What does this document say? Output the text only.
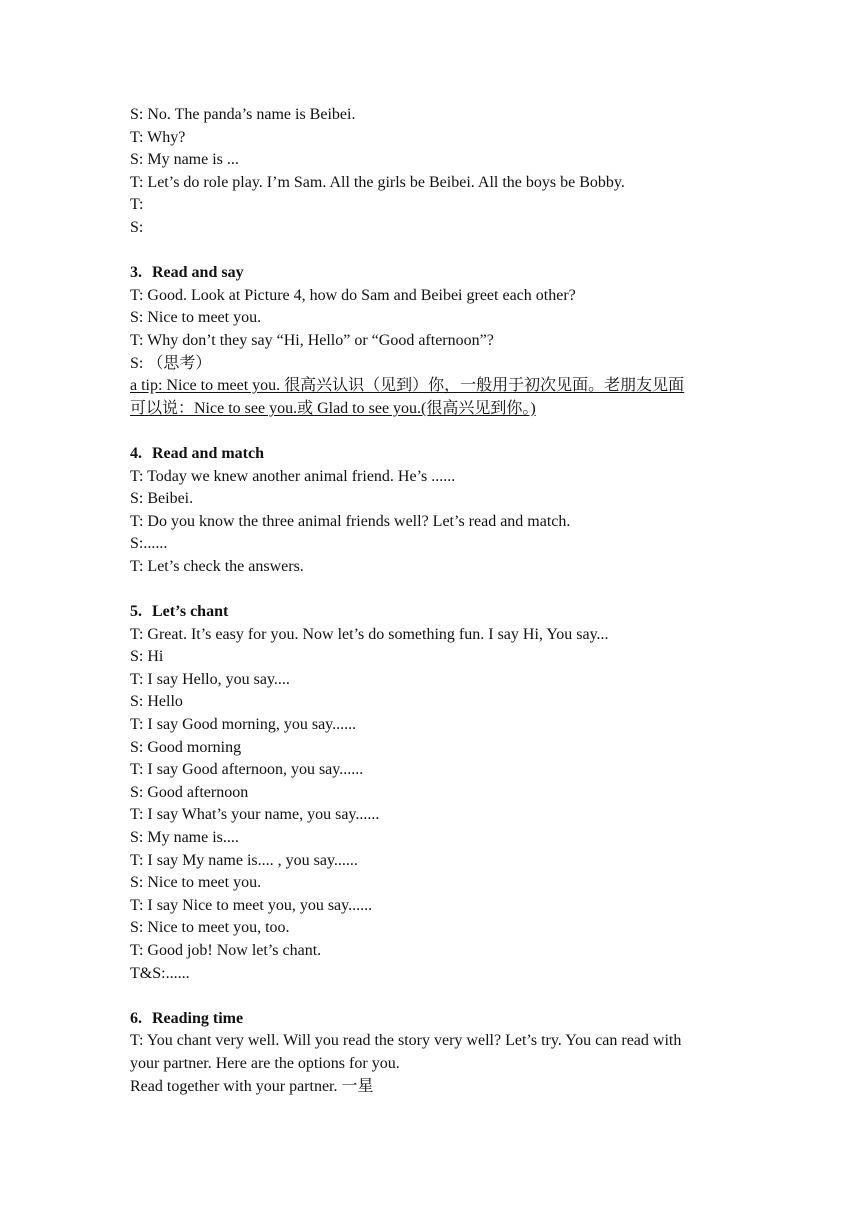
S: No. The panda’s name is Beibei.
T: Why?
S: My name is ...
T: Let’s do role play. I’m Sam. All the girls be Beibei. All the boys be Bobby.
T:
S:
3. Read and say
T: Good. Look at Picture 4, how do Sam and Beibei greet each other?
S: Nice to meet you.
T: Why don’t they say “Hi, Hello” or “Good afternoon”?
S: （思考）
a tip: Nice to meet you. 很高兴认识（见到）你，一般用于初次见面。老朋友见面
可以说：Nice to see you.或 Glad to see you.(很高兴见到你。)
4. Read and match
T: Today we knew another animal friend. He’s ......
S: Beibei.
T: Do you know the three animal friends well? Let’s read and match.
S:......
T: Let’s check the answers.
5. Let’s chant
T: Great. It’s easy for you. Now let’s do something fun. I say Hi, You say...
S: Hi
T: I say Hello, you say....
S: Hello
T: I say Good morning, you say......
S: Good morning
T: I say Good afternoon, you say......
S: Good afternoon
T: I say What’s your name, you say......
S: My name is....
T: I say My name is.... , you say......
S: Nice to meet you.
T: I say Nice to meet you, you say......
S: Nice to meet you, too.
T: Good job! Now let’s chant.
T&S:......
6. Reading time
T: You chant very well. Will you read the story very well? Let’s try. You can read with
your partner. Here are the options for you.
Read together with your partner. 一星
